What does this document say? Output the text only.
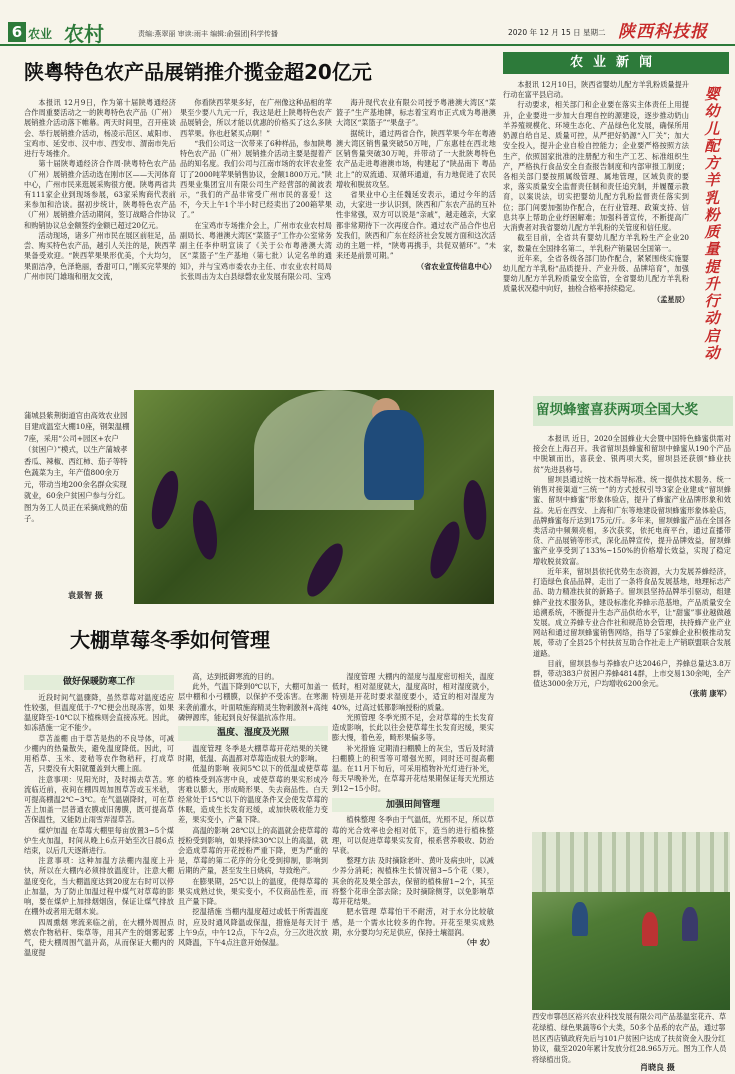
6 农业 农村	责编:燕翠丽 审读:雨丰 编辑:俞强团|科学传播	2020 年 12 月 15 日 星期二 陕西科技报
陕粤特色农产品展销推介揽金超20亿元

本报讯 12月9日，作为第十届陕粤通经济合作周重要活动之一的陕粤特色农产品（广州）展销推介活动落下帷幕。两天时间里，召开座谈会、举行展销推介活动，杨凌示范区、咸阳市、宝鸡市、延安市、汉中市、西安市、渭南市先后进行专场推介。

第十届陕粤通经济合作周·陕粤特色农产品（广州）展销推介活动选在刚市区——天河体育中心，广州市民来逛展采购很方便。陕粤两省共有111家企业到现场参展，63家采购商代表前来参加和洽谈。据初步统计，陕粤特色农产品（广州）展销推介活动期间，签订战略合作协议和购销协议总金额签约金额已超过20亿元。

活动现场，诸多广州市民在展区前驻足，品尝、购买特色农产品，越引人关注的是，陕西苹果备受欢迎。“陕西苹果果形优美，个大均匀，果面洁净，色泽艳丽，香甜可口，”刚买完苹果的广州市民门雄瑞和朋友交流，

你看陕西苹果多好，在广州像这种品相的苹果至少要八九元一斤，我这是赶上陕粤特色农产品展销会，所以才能以优惠的价格买了这么多陕西苹果。你也赶紧买点啊！”

“我们公司这一次带来了6种样品，参加陕粤特色农产品（广州）展销推介活动主要是提着产品的知名度。我们公司与江南市场的农评农业签订了2000吨苹果销售协议，金额1800万元。”陕西果业集团宜川有限公司生产经营部的蔺波表示，“我们的产品非常受广州市民的喜爱！这不，今天上午1个半小时已经卖出了200箱苹果了。”

在宝鸡市专场推介会上，广州市农业农村局副局长、粤港澳大湾区“菜篮子”工作办公室常务副主任李仲明宣读了《关于公布粤港澳大湾区“菜篮子”生产基地（第七批）认定名单的通知》，并与宝鸡市委农办主任、市农业农村局局长张周击为太白县绿磬农业发展有限公司、宝鸡

海升现代农业有限公司授予粤港澳大湾区“菜篮子”生产基地牌，标志着宝鸡市正式成为粤港澳大湾区“菜篮子”“果盘子”。

据统计，通过两省合作，陕西苹果今年在粤港澳大湾区销售量突破50万吨，广东惠桂在西北地区销售量突破30万吨，并带动了一大批陕粤特色农产品走进粤港澳市场，构建起了“陕品南下 粤品北上”的双流通、双循环通道，有力地促进了农民增收和脱贫攻坚。

省果业中心主任魏延安表示，通过今年的活动，大家进一步认识到，陕西和广东农产品的互补性非常强，双方可以说是“亲戚”，越走越亲，大家都非常期待下一次再度合作。通过农产品合作也启发我们，陕西和广东在经济社会发展方面和这次活动的主题一样，“陕粤再携手，共促双循环”。“未来还是前景可期。”

（省农业宣传信息中心）
蒲城县紫荆街道官由高效农业园目建成温室大棚10座，钢架温棚7座，采用“公司+园区+农户（贫困户）”模式，以生产蒲城孝香瓜、辣椒、西红柿、茄子等特色蔬菜为主，年产值800余万元，带动当地200余名群众实现就业，60余户贫困户参与分红。图为务工人员正在采摘成熟的茄子。
袁景智 摄
大棚草莓冬季如何管理
做好保暖防寒工作

近段时间气温骤降，虽然草莓对温度适应性较强，但温度低于-7℃便会出现冻害，如果温度降至-10℃以下植株则会直接冻死。因此，如冻措施一定不能少。

草苫盖棚 由于草苫是热的不良导体，可减少棚内的热量散失，避免温度降低。因此，可用稻草、玉米、麦秸等农作物秸秆，打成草苫，只要没有大阳就覆盖到大棚上面。

注意事项：见阳光时，及时揭去草苫。寒流临近前，夜间在棚四周加围草苫或玉米秸，可提高棚温2℃~3℃。在气温剧降时，可在草苫上加盖一层普通农膜或旧薄膜，既可提高草苫保温性，又能防止雨雪弄湿草苫。

煤炉加温 在草莓大棚里每亩放置3~5个煤炉生火加温，时间从晚上6点开始至次日晨6点结束，以后几天逐渐进行。

注意事项：这种加温方法棚内温度上升快，所以在大棚内必须排放温度计，注意大棚温度变化，当大棚温度达到20度左右时可以停止加温，为了防止加温过程中煤气对草莓的影响，要在煤炉上加排烟烟囱，保证让煤气排放在棚外或者用无烟木炭。

四周熏烟 寒流来临之前，在大棚外周围点燃农作物秸秆、柴草等，用其产生的烟雾起雾气，使大棚周围气温升高，从而保证大棚内的温度提

高，达到抵御寒流的目的。

此外，气温下降到0℃以下，大棚可加盖一层中棚和小弓棚膜，以保护不受冻害。在寒潮来袭前灌水，叶面喷施海精灵生物刺激剂+高纯磷钾源库，能起到良好保温抗冻作用。

温度、湿度及光照

温度管理 冬季是大棚草莓开花结果的关键时期，低温、高温都对草莓造成很大的影响。

低温的影响 夜间5℃以下的低温或使草莓的植株受到冻害中良，或使草莓的果实形成冷害难以膨大，形成畸形果、失去商品性。白天经常处于15℃以下的温度条件叉会使发草莓的休眠，造成生长发育迟缓，或加快吸收能力变差，果实变小，产量下降。

高温的影响 28℃以上的高温就会使草莓的授粉受到影响，如果持续30℃以上的高温，就会造成草莓的开花授粉严重下降，更为严重的是，草莓的第二花序的分化受到抑制，影响到后期的产量，甚至发生日烧病，导致绝产。

在膨果期，25℃以上的温度，使得草莓的果实成熟过快，果实变小，不仅商品性差，而且产量下降。

挖温措施 当棚内温度超过或低于所需温度时，应及时通风降温或保温，措施是每天讨于上午9点，中午12点，下午2点，分三次进次放风降温，下午4点注意开始保温。

湿度管理 大棚内的湿度与温度密切相关，温度低时，相对湿度就大，温度高时，相对湿度就小，特别是开花时要求湿度要小，适宜的相对湿度为40%，过高过低都影响授粉的质量。

光照管理 冬季光照不足，会对草莓的生长发育造成影响，长此以往会使草莓生长发育迟缓，果实膨大慢，着色差，畸形果偏多等。

补光措施 定期清扫棚膜上的灰尘，雪后及时清扫棚膜上的积雪等可增强光照，同时还可提高棚温。在11月下旬后，可采用植物补光灯进行补光，每天早晚补光，在草莓开花结果期保证每天光照达到12~15小时。

加强田间管理

植株整理 冬季由于气温低，光照不足，所以草莓的光合效率也会相对低下，造当的进行植株整理，可以促进草莓果实发育，根系营养吸收、防治早衰。

整理方法 及时摘除老叶、黄叶及病虫叶，以减少养分消耗；视植株生长情况留3~5个花（果），其余的花及果全部去，保留的植株留1~2个，其至将整个花串全部去除；及时摘除侧芽，以免影响草莓开花结果。

肥水管理 草莓怕干不耐涝，对于水分比较敏感，是一个需水比较多的作物。开花至果实成熟期，水分要均匀充足供应，保持土壤湿润。

（中 农）
农业新闻
婴
幼
儿
配
方
羊
乳
粉
质
量
提
升
行
动
启
动

本报讯 12月10日，陕西省婴幼儿配方羊乳粉质量提升行动在富平县启动。

行动要求，相关部门和企业要在落实主体责任上用提升，企业要进一步加大自理自控的源建设，逐步推动奶山羊养殖规模化、环境生态化、产品绿色化发展，确保所用奶源自给自足、质量可控，从严把好奶源“入厂关”；加大安全投入，提升企业自检自控能力；企业要严格按照方法生产，依照国家批准的注册配方和生产工艺、标准组织生产，严格执行食品安全自查报告制度和内部审报工制度；各相关部门要按照属级管理、属地管理，区域负责的要求，落实质量安全监督责任制和责任追究制，并履覆示教育，以案说法，切实把婴幼儿配方乳粉监督责任落实到位；部门间要加强协作配合，在行业管理、政策支持、信息共享上帮助企业纾困解难；加强科普宣传，不断提高广大消费者对我省婴幼儿配方羊乳粉的关管度和信任度。

截至目前，全省共有婴幼儿配方羊乳粉生产企业20家，数量在全国排名第二，羊乳粉产销量居全国第一。

近年来，全省各级各部门协作配合，紧紧围绕实施婴幼儿配方羊乳粉“品质提升、产业升级、品牌培育”，加强婴幼儿配方羊乳粉质量安全监管，全省婴幼儿配方羊乳粉质量状况稳中向好，抽检合格率持续稳定。

（孟星辰）
留坝蜂蜜喜获两项全国大奖

本报讯 近日，2020全国蜂业大会暨中国特色蜂蜜供需对接会在上海召开。我省留坝县蜂蜜和留坝中蜂蜜从190个产品中脱颖而出，喜获金、银两项大奖，留坝县还获颁“蜂业扶贫”先进县称号。

留坝县通过统一技术指导标准、统一提供技术服务、统一销售对接渠道“三统一”的方式授权引导3家企业建成“留坝蜂蜜、留坝中蜂蜜”形象体验店，提升了蜂蜜产业品牌形象和效益。先后在西安、上海和广东等地建设留坝蜂蜜形象体验店，品牌蜂蜜每斤达到175元/斤。多年来，留坝蜂蜜产品在全国各类活动中频频亮相，多次获奖，依托电商平台，通过直播带货、产品展销等形式，深化品牌宣传，提升品牌效益，留坝蜂蜜产业享受到了133%~150%的价格增长效益，实现了稳定增收脱贫致富。

近年来，留坝县依托优势生态资源，大力发展养蜂经济，打造绿色食品品牌，走出了一条将食品发展基地，地理标志产品、助力精准扶贫的新路子。留坝县坚持品牌举引驱动，组建蜂产业技术服务队，建设标准化养蜂示范基地，产品质量安全追溯系统，不断提升生态产品供给水平，让“甜蜜”事业越做越发展。成立养蜂专业合作社和规范协会管理，扶持蜂产业产业网站和通过留坝蜂蜜销售网络，指导了5家蜂企业积极推动发展，带动了全县25个村扶贫互助合作社走上产销联盟联合发展道路。

目前，留坝县参与养蜂农户达2046户，养蜂总量达3.8万群，带动383户贫困户养蜂4814群，上市交易130余吨，全产值达3000余万元，户均增收6200余元。

（张萌 康军）
西安市鄠邑区裕兴农业科技发展有限公司产品基温室花卉、草花绿植、绿色果蔬等6个大类，50多个品系的农产品，通过鄠邑区西店镇政府先后与101户贫困户达成了扶贫资金入股分红协议，截至2020年累计发放分红28.965万元。图为工作人员将绿植出货。
肖晓良 摄
